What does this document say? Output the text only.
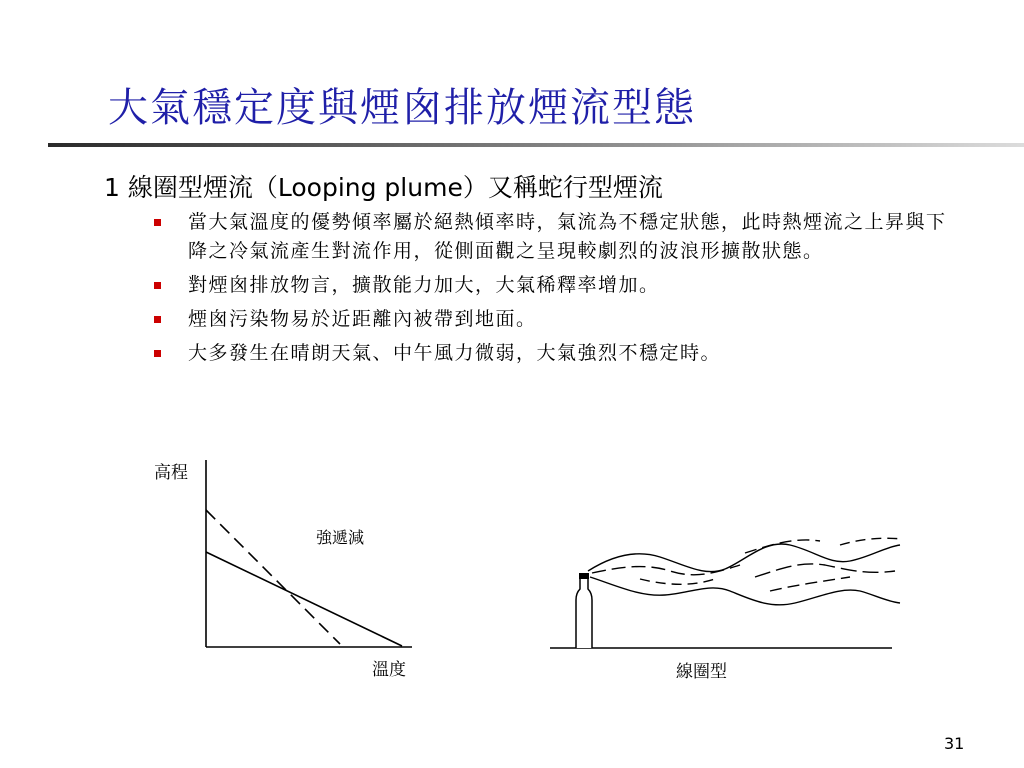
大氣穩定度與煙囪排放煙流型態
1 線圈型煙流（Looping plume）又稱蛇行型煙流
當大氣溫度的優勢傾率屬於絕熱傾率時，氣流為不穩定狀態，此時熱煙流之上昇與下降之冷氣流產生對流作用，從側面觀之呈現較劇烈的波浪形擴散狀態。
對煙囪排放物言，擴散能力加大，大氣稀釋率增加。
煙囪污染物易於近距離內被帶到地面。
大多發生在晴朗天氣、中午風力微弱，大氣強烈不穩定時。
高程
強遞減
溫度	線圈型
31
